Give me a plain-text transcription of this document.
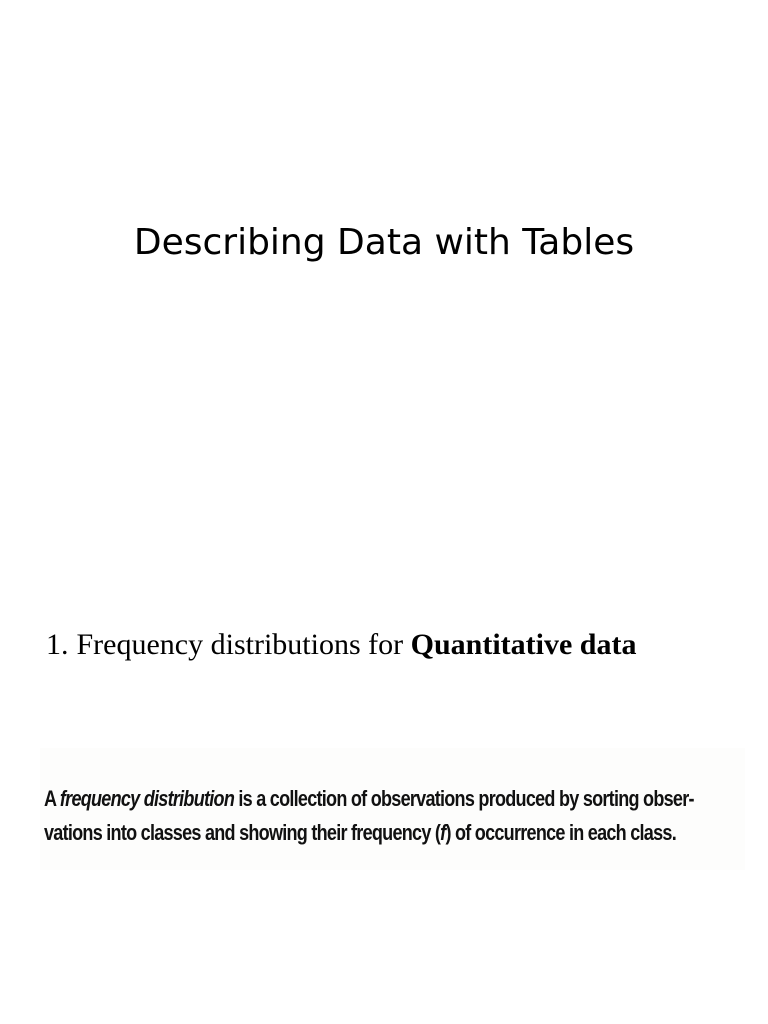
Describing Data with Tables

1. Frequency distributions for Quantitative data

A frequency distribution is a collection of observations produced by sorting obser-
vations into classes and showing their frequency (f) of occurrence in each class.
